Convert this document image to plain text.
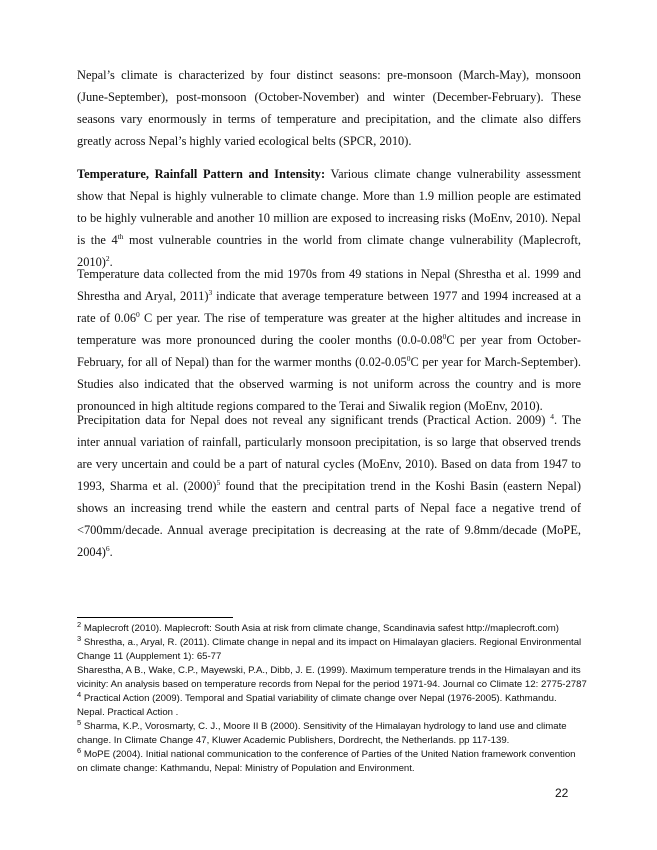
Nepal’s climate is characterized by four distinct seasons: pre-monsoon (March-May), monsoon (June-September), post-monsoon (October-November) and winter (December-February). These seasons vary enormously in terms of temperature and precipitation, and the climate also differs greatly across Nepal’s highly varied ecological belts (SPCR, 2010).

Temperature, Rainfall Pattern and Intensity: Various climate change vulnerability assessment show that Nepal is highly vulnerable to climate change. More than 1.9 million people are estimated to be highly vulnerable and another 10 million are exposed to increasing risks (MoEnv, 2010). Nepal is the 4th most vulnerable countries in the world from climate change vulnerability (Maplecroft, 2010)$^2$.

Temperature data collected from the mid 1970s from 49 stations in Nepal (Shrestha et al. 1999 and Shrestha and Aryal, 2011)$^3$ indicate that average temperature between 1977 and 1994 increased at a rate of 0.06$^0$ C per year. The rise of temperature was greater at the higher altitudes and increase in temperature was more pronounced during the cooler months (0.0-0.08$^0$C per year from October-February, for all of Nepal) than for the warmer months (0.02-0.05$^0$C per year for March-September). Studies also indicated that the observed warming is not uniform across the country and is more pronounced in high altitude regions compared to the Terai and Siwalik region (MoEnv, 2010).

Precipitation data for Nepal does not reveal any significant trends (Practical Action. 2009) $^4$. The inter annual variation of rainfall, particularly monsoon precipitation, is so large that observed trends are very uncertain and could be a part of natural cycles (MoEnv, 2010). Based on data from 1947 to 1993, Sharma et al. $(2000)^5$ found that the precipitation trend in the Koshi Basin (eastern Nepal) shows an increasing trend while the eastern and central parts of Nepal face a negative trend of <700mm/decade. Annual average precipitation is decreasing at the rate of 9.8mm/decade (MoPE, 2004)$^6$.

$^2$ Maplecroft (2010). Maplecroft: South Asia at risk from climate change, Scandinavia safest http://maplecroft.com)

$^3$ Shrestha, a., Aryal, R. (2011). Climate change in nepal and its impact on Himalayan glaciers. Regional Environmental Change 11 (Aupplement 1): 65-77

Sharestha, A B., Wake, C.P., Mayewski, P.A., Dibb, J. E. (1999). Maximum temperature trends in the Himalayan and its vicinity: An analysis based on temperature records from Nepal for the period 1971-94. Journal co Climate 12: 2775-2787

$^4$ Practical Action (2009). Temporal and Spatial variability of climate change over Nepal (1976-2005). Kathmandu. Nepal. Practical Action .

$^5$ Sharma, K.P., Vorosmarty, C. J., Moore II B (2000). Sensitivity of the Himalayan hydrology to land use and climate change. In Climate Change 47, Kluwer Academic Publishers, Dordrecht, the Netherlands. pp 117-139.

$^6$ MoPE (2004). Initial national communication to the conference of Parties of the United Nation framework convention on climate change: Kathmandu, Nepal: Ministry of Population and Environment.

22
